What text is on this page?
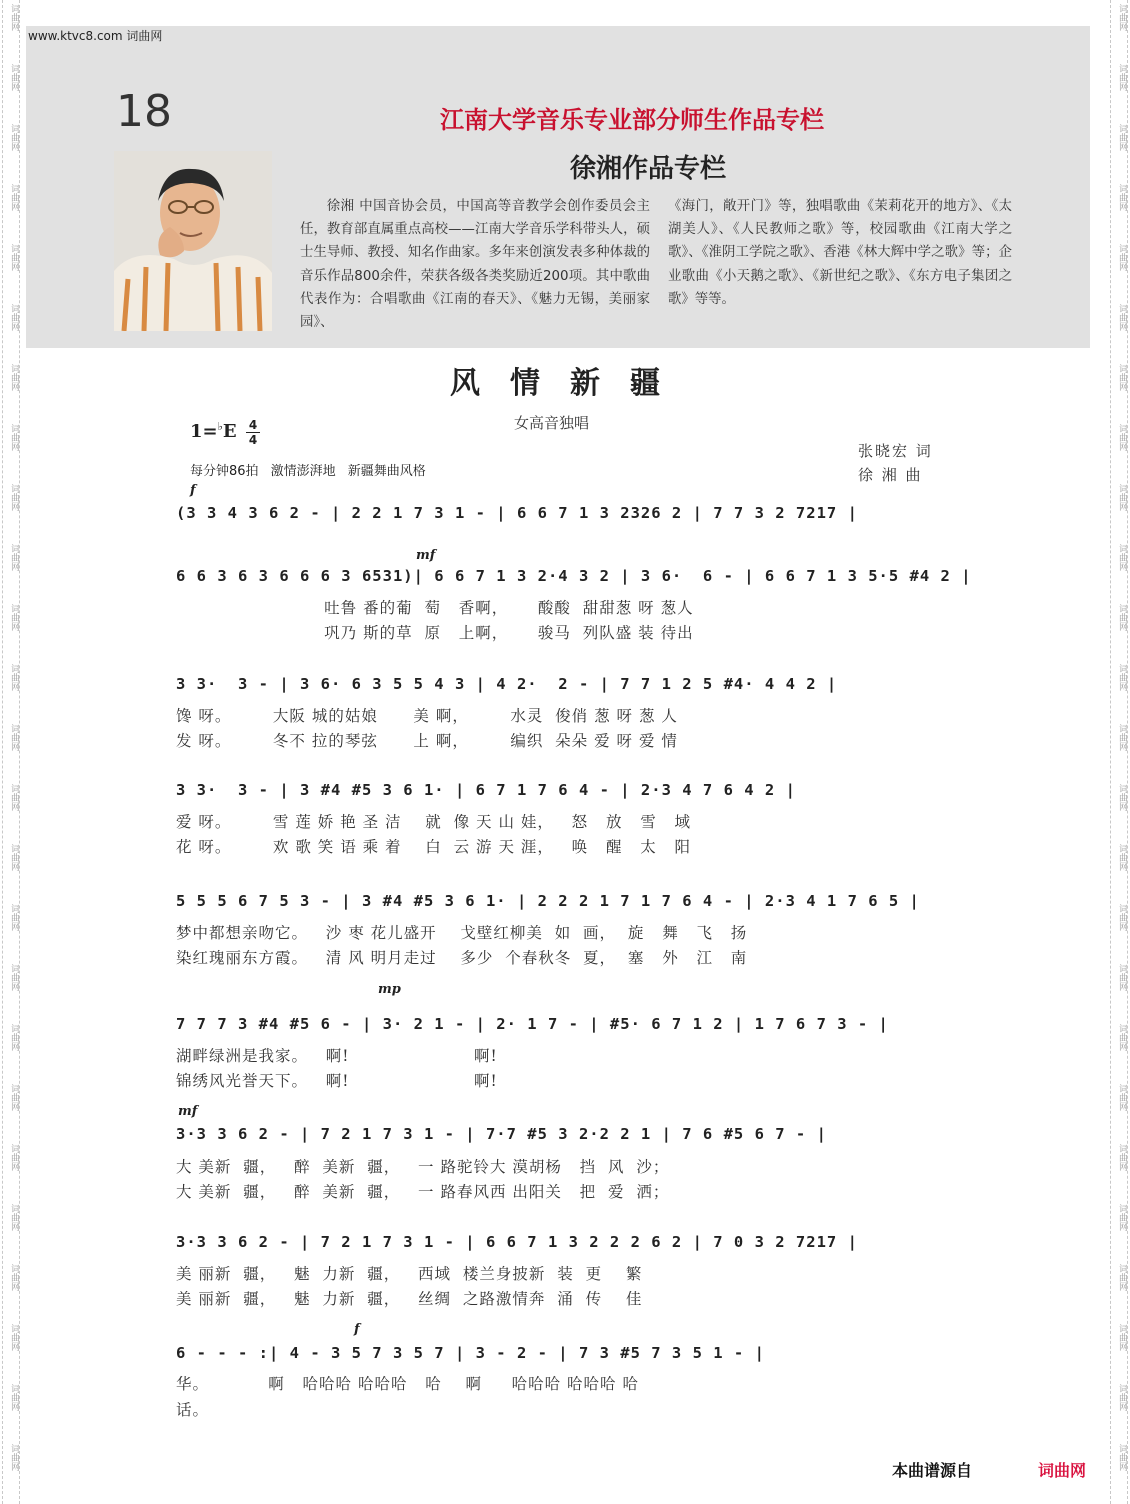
词曲网
词曲网
词曲网
词曲网
词曲网
词曲网
词曲网
词曲网
词曲网
词曲网
词曲网
词曲网
词曲网
词曲网
词曲网
词曲网
词曲网
词曲网
词曲网
词曲网
词曲网
词曲网
词曲网
词曲网
词曲网
词曲网
词曲网
词曲网
词曲网
词曲网
词曲网
词曲网
词曲网
词曲网
词曲网
词曲网
词曲网
词曲网
词曲网
词曲网
词曲网
词曲网
词曲网
词曲网
词曲网
词曲网
词曲网
词曲网
词曲网
词曲网
www.ktvc8.com 词曲网
18	江南大学音乐专业部分师生作品专栏
徐湘作品专栏
徐湘 中国音协会员，中国高等音教学会创作委员会主任，教育部直属重点高校——江南大学音乐学科带头人，硕士生导师、教授、知名作曲家。多年来创演发表多种体裁的音乐作品800余件，荣获各级各类奖励近200项。其中歌曲代表作为：合唱歌曲《江南的春天》、《魅力无锡，美丽家园》、
《海门，敞开门》等，独唱歌曲《茉莉花开的地方》、《太湖美人》、《人民教师之歌》等，校园歌曲《江南大学之歌》、《淮阴工学院之歌》、香港《林大辉中学之歌》等；企业歌曲《小天鹅之歌》、《新世纪之歌》、《东方电子集团之歌》等等。
风情新疆
女高音独唱
1=♭E 4
4
每分钟86拍 激情澎湃地 新疆舞曲风格
张晓宏 词
徐 湘 曲
f
mf
mp
mf
f
(3 3 4 3 6 2 - | 2 2 1 7 3 1 - | 6 6 7 1 3 2326 2 | 7 7 3 2 7217 |
6 6 3 6 3 6 6 6 3 6531)| 6 6 7 1 3 2·4 3 2 | 3 6·  6 - | 6 6 7 1 3 5·5 #4 2 |
吐鲁 番的葡  萄   香啊，     酸酸  甜甜葱 呀 葱人
巩乃 斯的草  原   上啊，     骏马  列队盛 装 待出
3 3·  3 - | 3 6· 6 3 5 5 4 3 | 4 2·  2 - | 7 7 1 2 5 #4· 4 4 2 |
馋 呀。       大阪 城的姑娘      美 啊，       水灵  俊俏 葱 呀 葱 人
发 呀。       冬不 拉的琴弦      上 啊，       编织  朵朵 爱 呀 爱 情
3 3·  3 - | 3 #4 #5 3 6 1· | 6 7 1 7 6 4 - | 2·3 4 7 6 4 2 |
爱 呀。       雪 莲 娇 艳 圣 洁    就  像 天 山 娃，   怒   放   雪   域
花 呀。       欢 歌 笑 语 乘 着    白  云 游 天 涯，   唤   醒   太   阳
5 5 5 6 7 5 3 - | 3 #4 #5 3 6 1· | 2 2 2 1 7 1 7 6 4 - | 2·3 4 1 7 6 5 |
梦中都想亲吻它。   沙 枣 花儿盛开    戈壁红柳美  如  画，  旋   舞   飞   扬
染红瑰丽东方霞。   清 风 明月走过    多少  个春秋冬  夏，  塞   外   江   南
7 7 7 3 #4 #5 6 - | 3· 2 1 - | 2· 1 7 - | #5· 6 7 1 2 | 1 7 6 7 3 - |
湖畔绿洲是我家。   啊!                     啊!
锦绣风光誉天下。   啊!                     啊!
3·3 3 6 2 - | 7 2 1 7 3 1 - | 7·7 #5 3 2·2 2 1 | 7 6 #5 6 7 - |
大 美新  疆，   醉  美新  疆，   一 路驼铃大 漠胡杨   挡  风  沙；
大 美新  疆，   醉  美新  疆，   一 路春风西 出阳关   把  爱  洒；
3·3 3 6 2 - | 7 2 1 7 3 1 - | 6 6 7 1 3 2 2 2 6 2 | 7 0 3 2 7217 |
美 丽新  疆，   魅  力新  疆，   西域  楼兰身披新  装  更    繁
美 丽新  疆，   魅  力新  疆，   丝绸  之路激情奔  涌  传    佳
6 - - - :| 4 - 3 5 7 3 5 7 | 3 - 2 - | 7 3 #5 7 3 5 1 - |
华。          啊   哈哈哈 哈哈哈   哈    啊     哈哈哈 哈哈哈 哈
话。
本曲谱源自	词曲网
